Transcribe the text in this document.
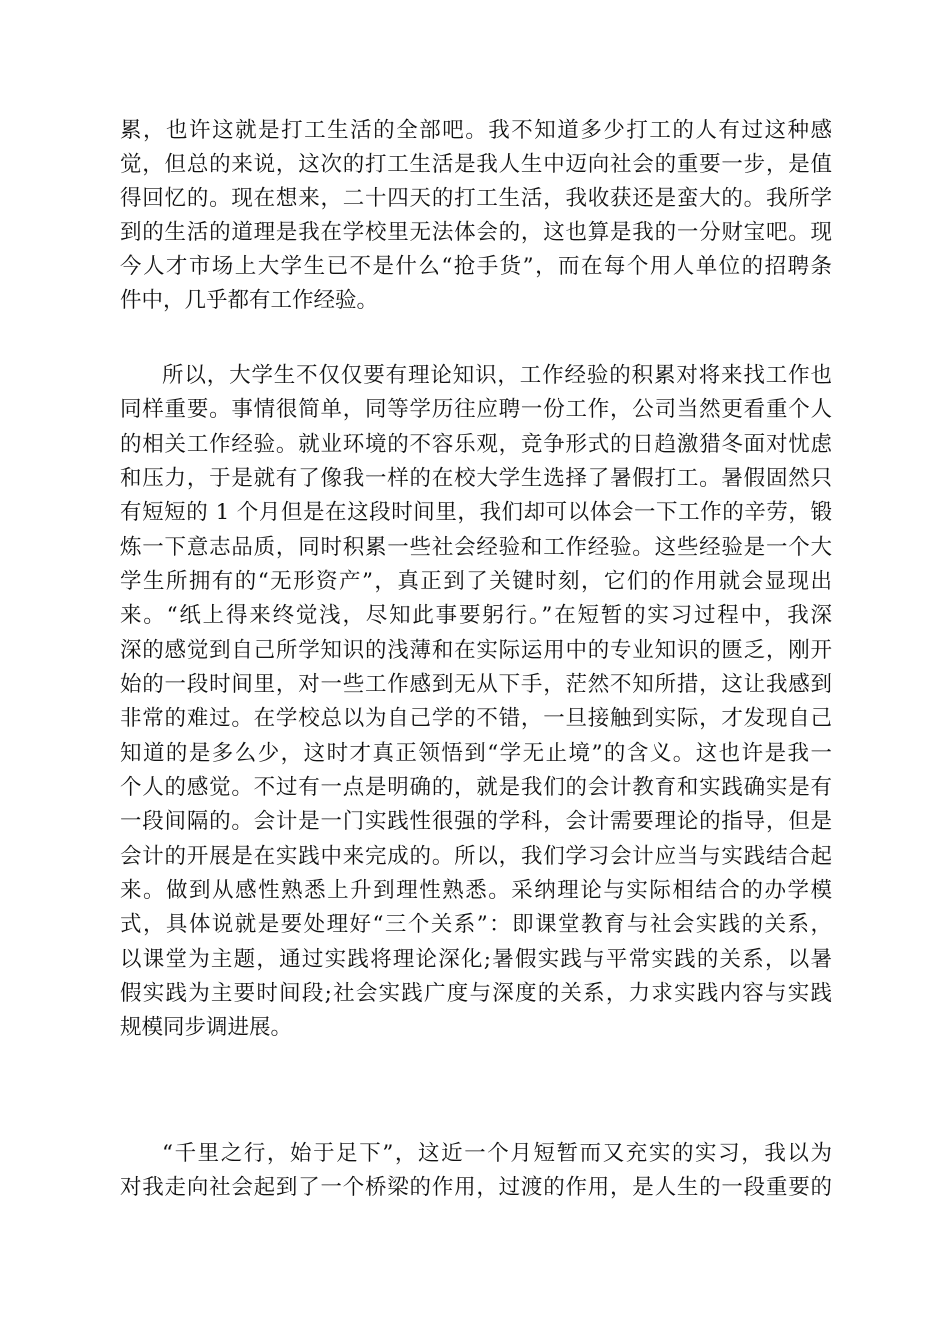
累，也许这就是打工生活的全部吧。我不知道多少打工的人有过这种感
觉，但总的来说，这次的打工生活是我人生中迈向社会的重要一步，是值
得回忆的。现在想来，二十四天的打工生活，我收获还是蛮大的。我所学
到的生活的道理是我在学校里无法体会的，这也算是我的一分财宝吧。现
今人才市场上大学生已不是什么“抢手货”，而在每个用人单位的招聘条
件中，几乎都有工作经验。
所以，大学生不仅仅要有理论知识，工作经验的积累对将来找工作也
同样重要。事情很简单，同等学历往应聘一份工作，公司当然更看重个人
的相关工作经验。就业环境的不容乐观，竞争形式的日趋激猎冬面对忧虑
和压力，于是就有了像我一样的在校大学生选择了暑假打工。暑假固然只
有短短的 1 个月但是在这段时间里，我们却可以体会一下工作的辛劳，锻
炼一下意志品质，同时积累一些社会经验和工作经验。这些经验是一个大
学生所拥有的“无形资产”，真正到了关键时刻，它们的作用就会显现出
来。“纸上得来终觉浅，尽知此事要躬行。”在短暂的实习过程中，我深
深的感觉到自己所学知识的浅薄和在实际运用中的专业知识的匮乏，刚开
始的一段时间里，对一些工作感到无从下手，茫然不知所措，这让我感到
非常的难过。在学校总以为自己学的不错，一旦接触到实际，才发现自己
知道的是多么少，这时才真正领悟到“学无止境”的含义。这也许是我一
个人的感觉。不过有一点是明确的，就是我们的会计教育和实践确实是有
一段间隔的。会计是一门实践性很强的学科，会计需要理论的指导，但是
会计的开展是在实践中来完成的。所以，我们学习会计应当与实践结合起
来。做到从感性熟悉上升到理性熟悉。采纳理论与实际相结合的办学模
式，具体说就是要处理好“三个关系”：即课堂教育与社会实践的关系，
以课堂为主题，通过实践将理论深化;暑假实践与平常实践的关系，以暑
假实践为主要时间段;社会实践广度与深度的关系，力求实践内容与实践
规模同步调进展。
“千里之行，始于足下”，这近一个月短暂而又充实的实习，我以为
对我走向社会起到了一个桥梁的作用，过渡的作用，是人生的一段重要的
